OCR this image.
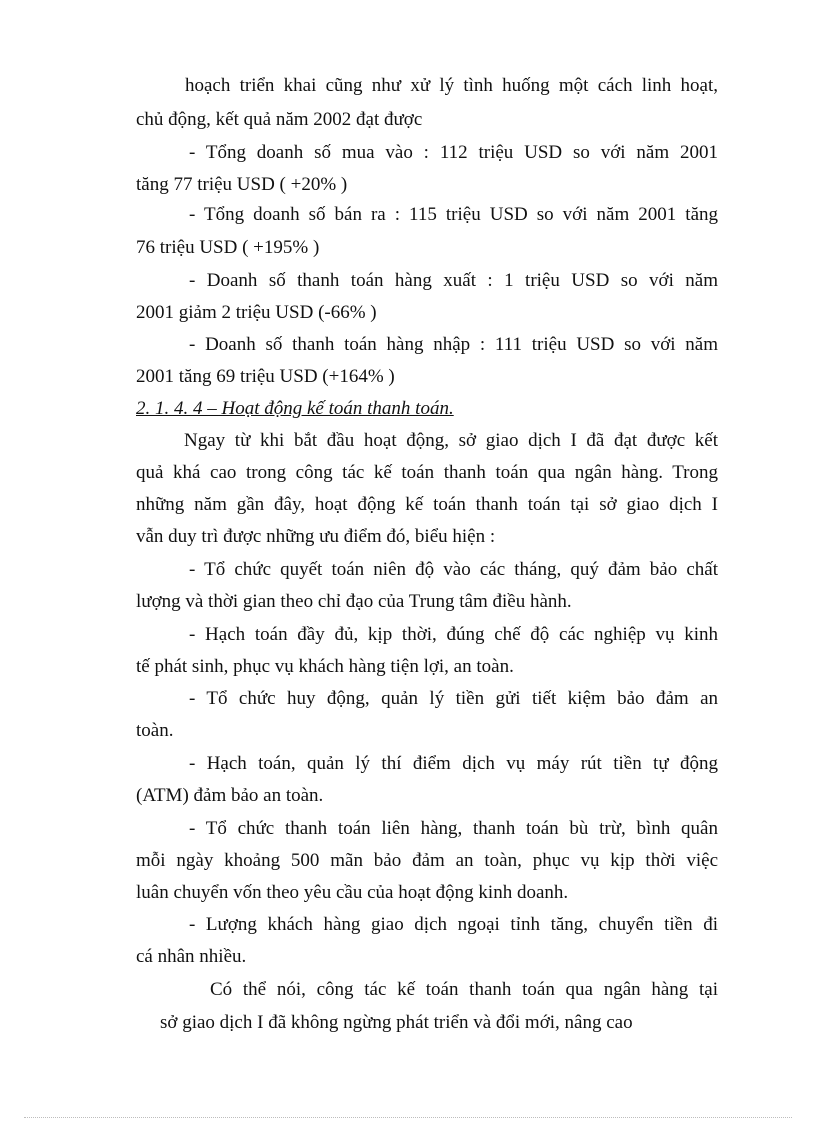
hoạch triển khai cũng như xử lý tình huống một cách linh hoạt,
chủ động, kết quả năm 2002 đạt được
- Tổng doanh số mua vào : 112 triệu USD so với năm 2001
tăng 77 triệu USD ( +20% )
- Tổng doanh số bán ra : 115 triệu USD so với năm 2001 tăng
76 triệu USD ( +195% )
- Doanh số thanh toán hàng xuất : 1 triệu USD so với năm
2001 giảm 2 triệu USD (-66% )
- Doanh số thanh toán hàng nhập : 111 triệu USD so với năm
2001 tăng 69 triệu USD (+164% )
2. 1. 4. 4 – Hoạt động kế toán thanh toán.
Ngay từ khi bắt đầu hoạt động, sở giao dịch I đã đạt được kết
quả khá cao trong công tác kế toán thanh toán qua ngân hàng. Trong
những năm gần đây, hoạt động kế toán thanh toán tại sở giao dịch I
vẫn duy trì được những ưu điểm đó, biểu hiện :
- Tổ chức quyết toán niên độ vào các tháng, quý đảm bảo chất
lượng và thời gian theo chỉ đạo của Trung tâm điều hành.
- Hạch toán đầy đủ, kịp thời, đúng chế độ các nghiệp vụ kinh
tế phát sinh, phục vụ khách hàng tiện lợi, an toàn.
- Tổ chức huy động, quản lý tiền gửi tiết kiệm bảo đảm an
toàn.
- Hạch toán, quản lý thí điểm dịch vụ máy rút tiền tự động
(ATM) đảm bảo an toàn.
- Tổ chức thanh toán liên hàng, thanh toán bù trừ, bình quân
mỗi ngày khoảng 500 mãn bảo đảm an toàn, phục vụ kịp thời việc
luân chuyển vốn theo yêu cầu của hoạt động kinh doanh.
- Lượng khách hàng giao dịch ngoại tỉnh tăng, chuyển tiền đi
cá nhân nhiều.
Có thể nói, công tác kế toán thanh toán qua ngân hàng tại
sở giao dịch I đã không ngừng phát triển và đổi mới, nâng cao
